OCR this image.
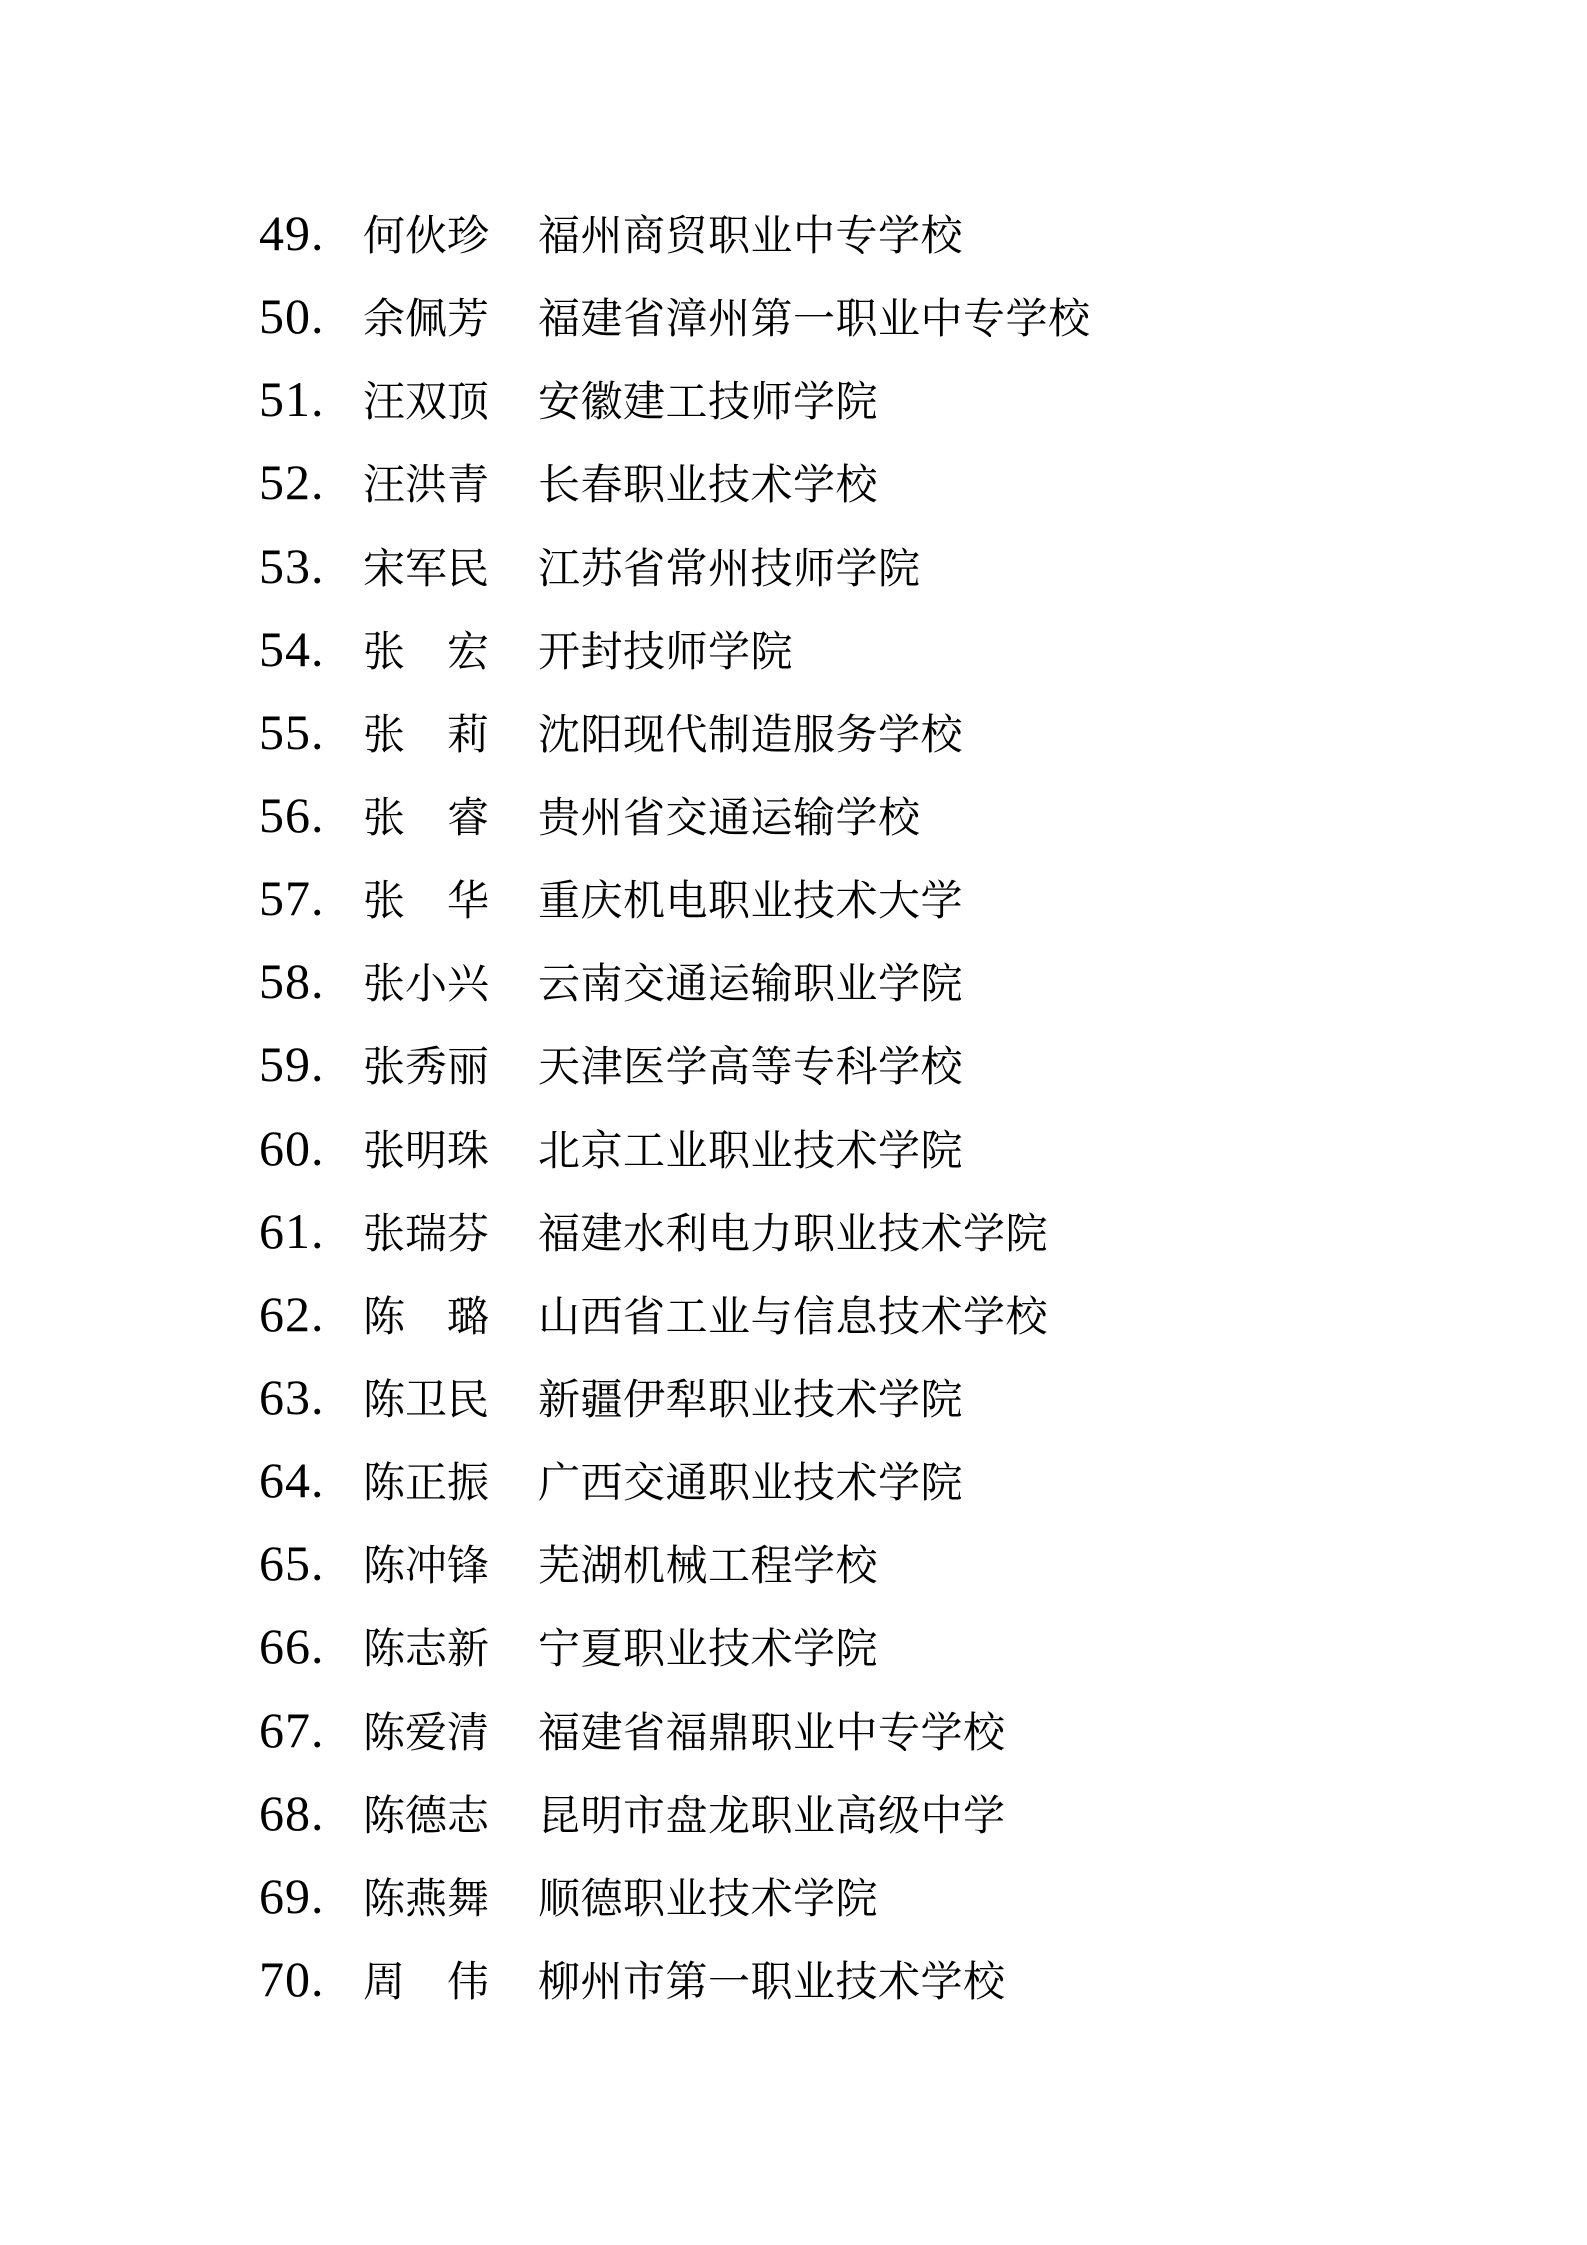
49. 何伙珍	福州商贸职业中专学校
50. 余佩芳	福建省漳州第一职业中专学校
51. 汪双顶	安徽建工技师学院
52. 汪洪青	长春职业技术学校
53. 宋军民	江苏省常州技师学院
54. 张　宏	开封技师学院
55. 张　莉	沈阳现代制造服务学校
56. 张　睿	贵州省交通运输学校
57. 张　华	重庆机电职业技术大学
58. 张小兴	云南交通运输职业学院
59. 张秀丽	天津医学高等专科学校
60. 张明珠	北京工业职业技术学院
61. 张瑞芬	福建水利电力职业技术学院
62. 陈　璐	山西省工业与信息技术学校
63. 陈卫民	新疆伊犁职业技术学院
64. 陈正振	广西交通职业技术学院
65. 陈冲锋	芜湖机械工程学校
66. 陈志新	宁夏职业技术学院
67. 陈爱清	福建省福鼎职业中专学校
68. 陈德志	昆明市盘龙职业高级中学
69. 陈燕舞	顺德职业技术学院
70. 周　伟	柳州市第一职业技术学校
